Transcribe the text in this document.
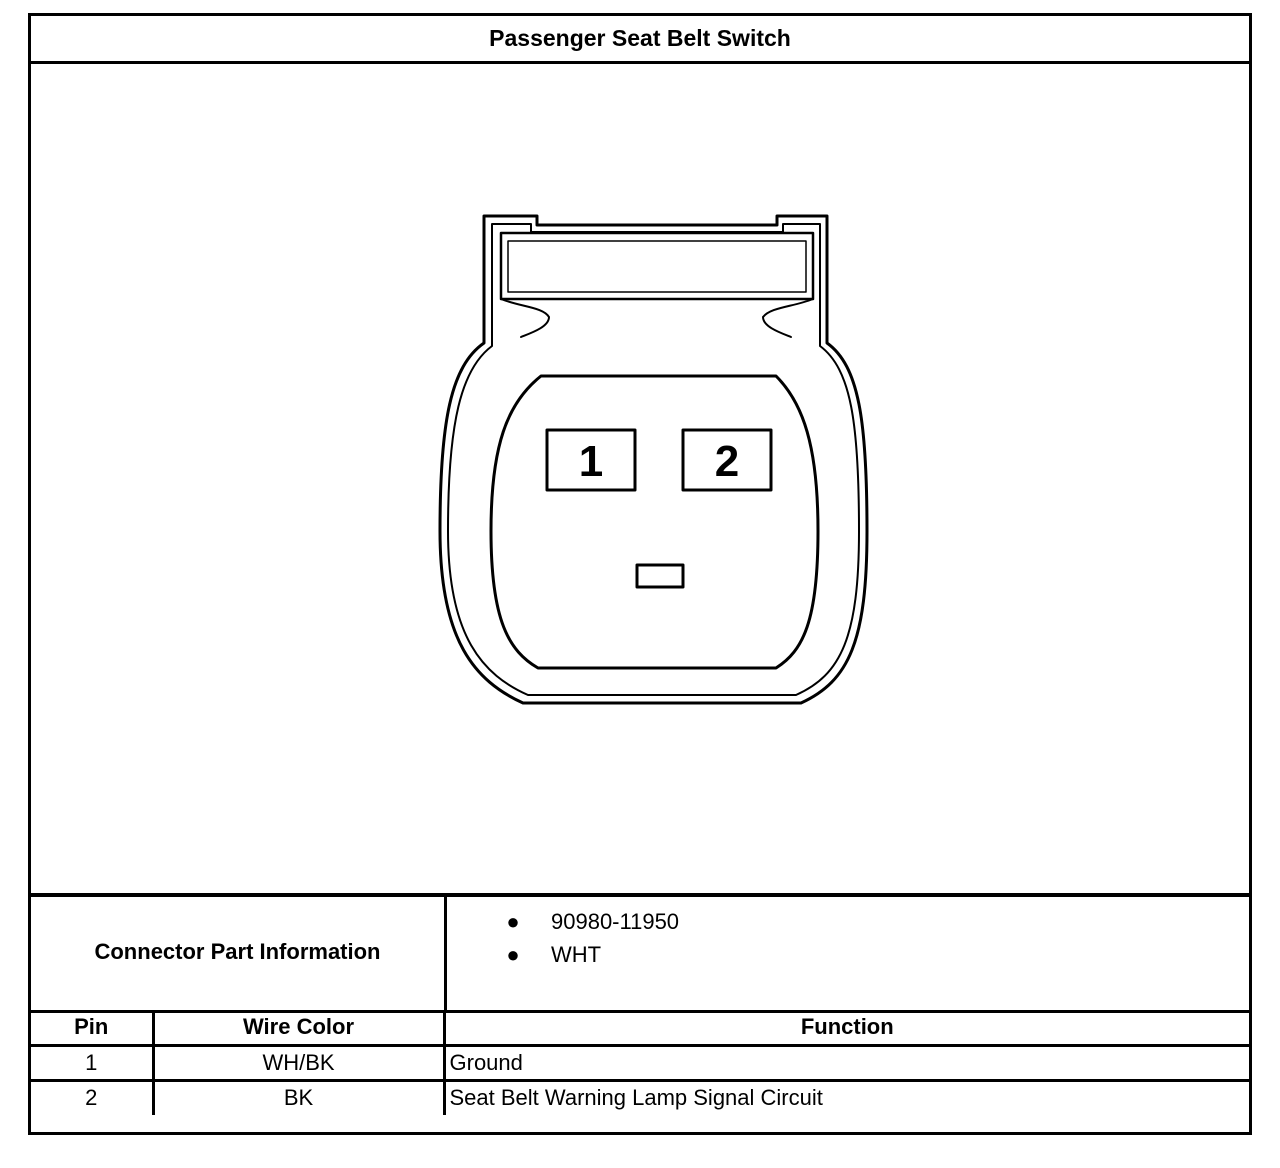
Passenger Seat Belt Switch
1	2
Connector Part Information
● 90980-11950
● WHT
Pin	Wire Color	Function
1	WH/BK	Ground
2	BK	Seat Belt Warning Lamp Signal Circuit
